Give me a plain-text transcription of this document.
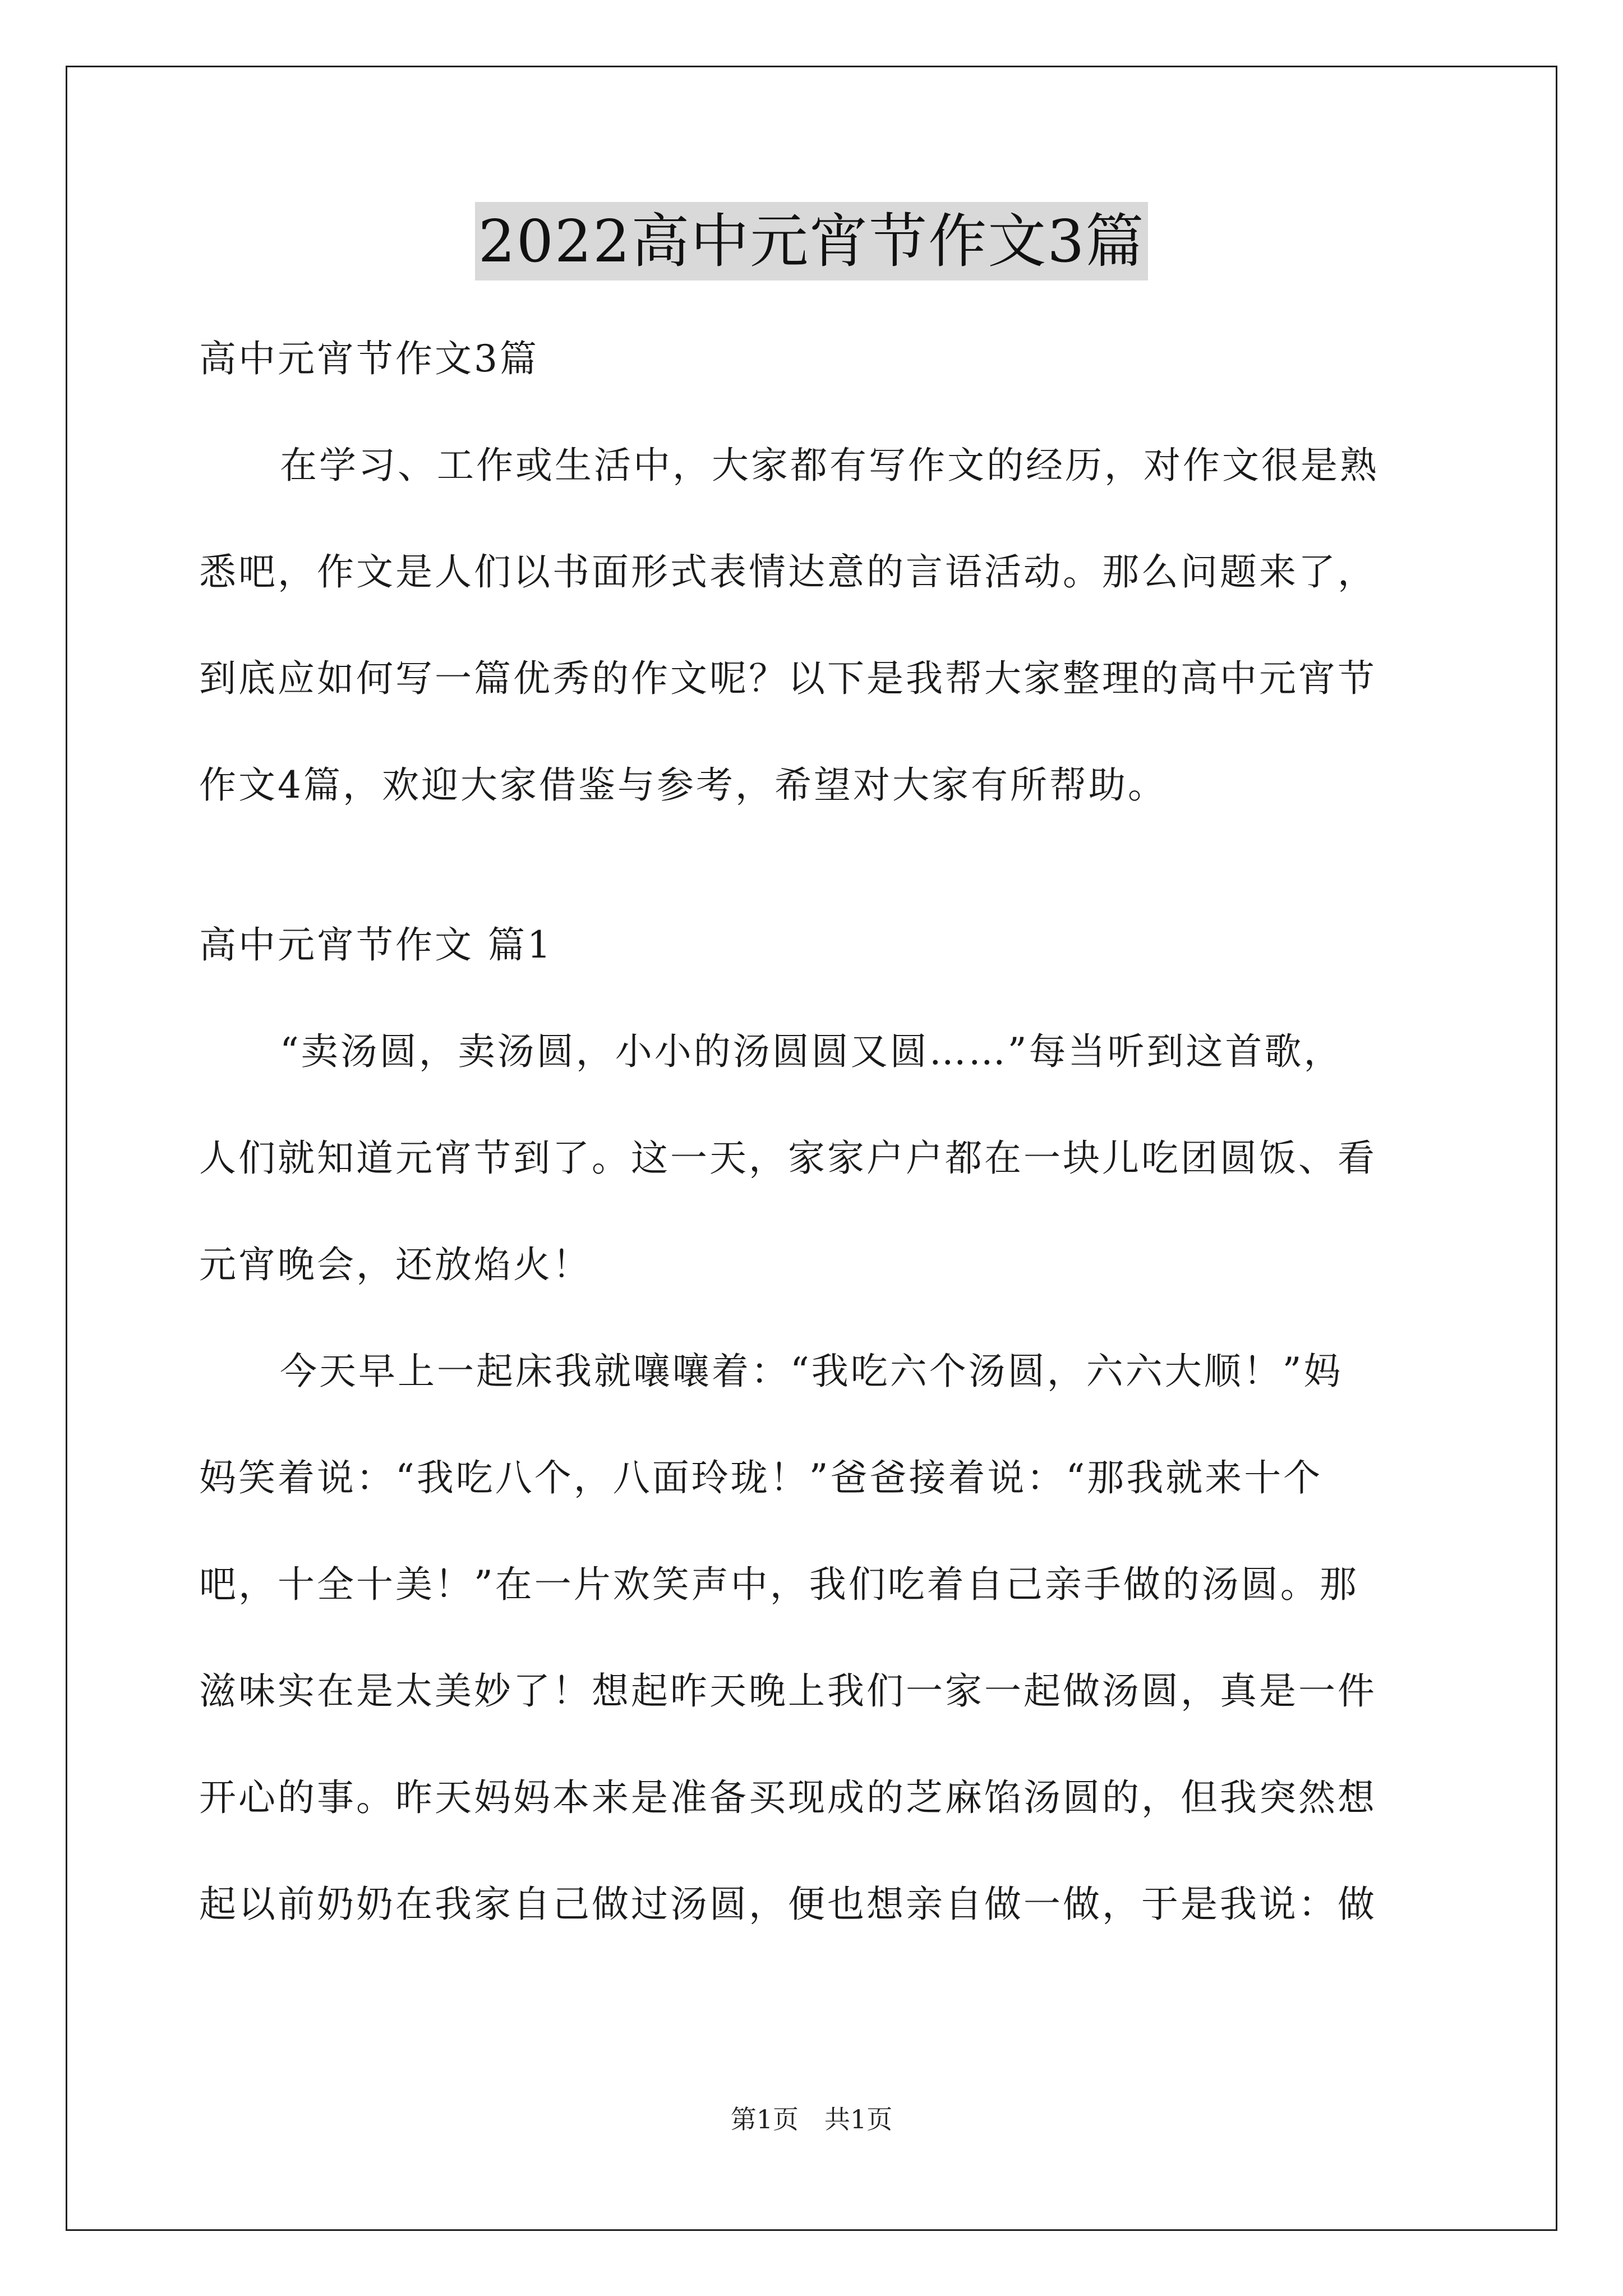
2022高中元宵节作文3篇
高中元宵节作文3篇
在学习、工作或生活中，大家都有写作文的经历，对作文很是熟
悉吧，作文是人们以书面形式表情达意的言语活动。那么问题来了，
到底应如何写一篇优秀的作文呢？以下是我帮大家整理的高中元宵节
作文4篇，欢迎大家借鉴与参考，希望对大家有所帮助。
高中元宵节作文 篇1
“卖汤圆，卖汤圆，小小的汤圆圆又圆……”每当听到这首歌，
人们就知道元宵节到了。这一天，家家户户都在一块儿吃团圆饭、看
元宵晚会，还放焰火！
今天早上一起床我就嚷嚷着：“我吃六个汤圆，六六大顺！”妈
妈笑着说：“我吃八个，八面玲珑！”爸爸接着说：“那我就来十个
吧，十全十美！”在一片欢笑声中，我们吃着自己亲手做的汤圆。那
滋味实在是太美妙了！想起昨天晚上我们一家一起做汤圆，真是一件
开心的事。昨天妈妈本来是准备买现成的芝麻馅汤圆的，但我突然想
起以前奶奶在我家自己做过汤圆，便也想亲自做一做，于是我说：做
第1页　共1页
